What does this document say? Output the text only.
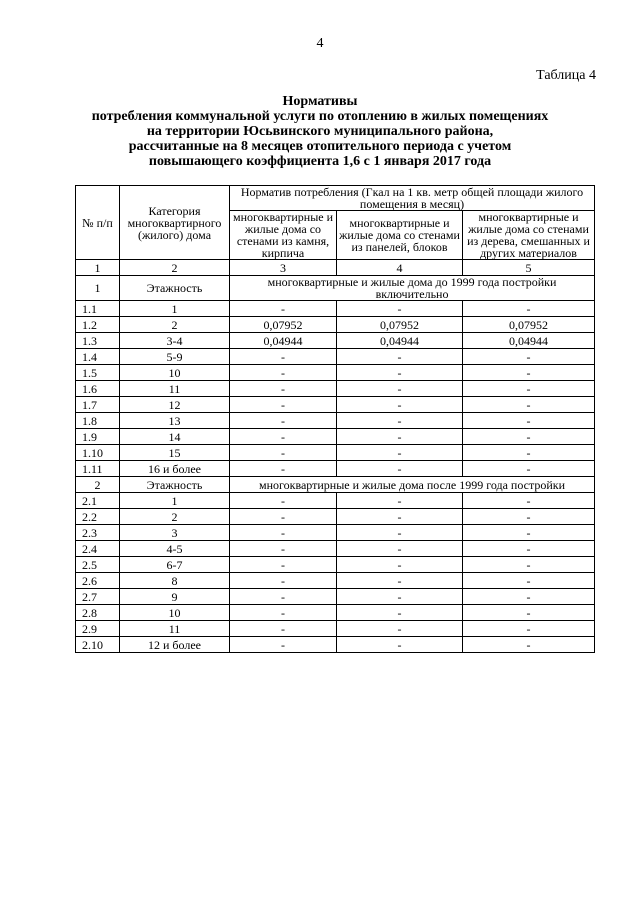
4
Таблица 4
Нормативы
потребления коммунальной услуги по отоплению в жилых помещениях
на территории Юсьвинского муниципального района,
рассчитанные на 8 месяцев отопительного периода с учетом
повышающего коэффициента 1,6 с 1 января 2017 года
№ п/п	Категория многоквартирного (жилого) дома	Норматив потребления (Гкал на 1 кв. метр общей площади жилого помещения в месяц)		
		многоквартирные и жилые дома со стенами из камня, кирпича	многоквартирные и жилые дома со стенами из панелей, блоков	многоквартирные и жилые дома со стенами из дерева, смешанных и других материалов
1	2	3	4	5
1	Этажность	многоквартирные и жилые дома до 1999 года постройки включительно		
1.1	1	-	-	-
1.2	2	0,07952	0,07952	0,07952
1.3	3-4	0,04944	0,04944	0,04944
1.4	5-9	-	-	-
1.5	10	-	-	-
1.6	11	-	-	-
1.7	12	-	-	-
1.8	13	-	-	-
1.9	14	-	-	-
1.10	15	-	-	-
1.11	16 и более	-	-	-
2	Этажность	многоквартирные и жилые дома после 1999 года постройки		
2.1	1	-	-	-
2.2	2	-	-	-
2.3	3	-	-	-
2.4	4-5	-	-	-
2.5	6-7	-	-	-
2.6	8	-	-	-
2.7	9	-	-	-
2.8	10	-	-	-
2.9	11	-	-	-
2.10	12 и более	-	-	-
